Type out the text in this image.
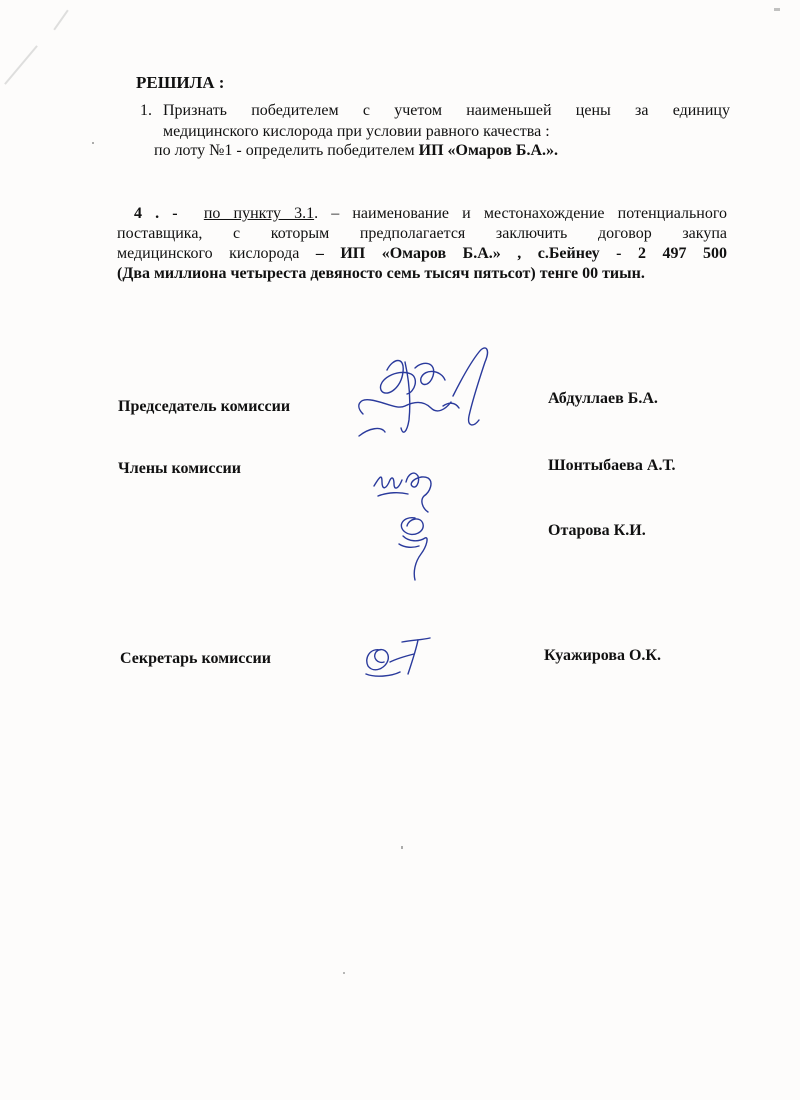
РЕШИЛА :
1. Признать победителем с учетом наименьшей цены за единицу
медицинского кислорода при условии равного качества :
по лоту №1 - определить победителем ИП «Омаров Б.А.».
4 . - по пункту 3.1. – наименование и местонахождение потенциального
поставщика, с которым предполагается заключить договор закупа
медицинского кислорода – ИП «Омаров Б.А.» , с.Бейнеу - 2 497 500
(Два миллиона четыреста девяносто семь тысяч пятьсот) тенге 00 тиын.
Председатель комиссии	Абдуллаев Б.А.
Члены комиссии	Шонтыбаева А.Т.
Отарова К.И.
Секретарь комиссии	Куажирова О.К.
